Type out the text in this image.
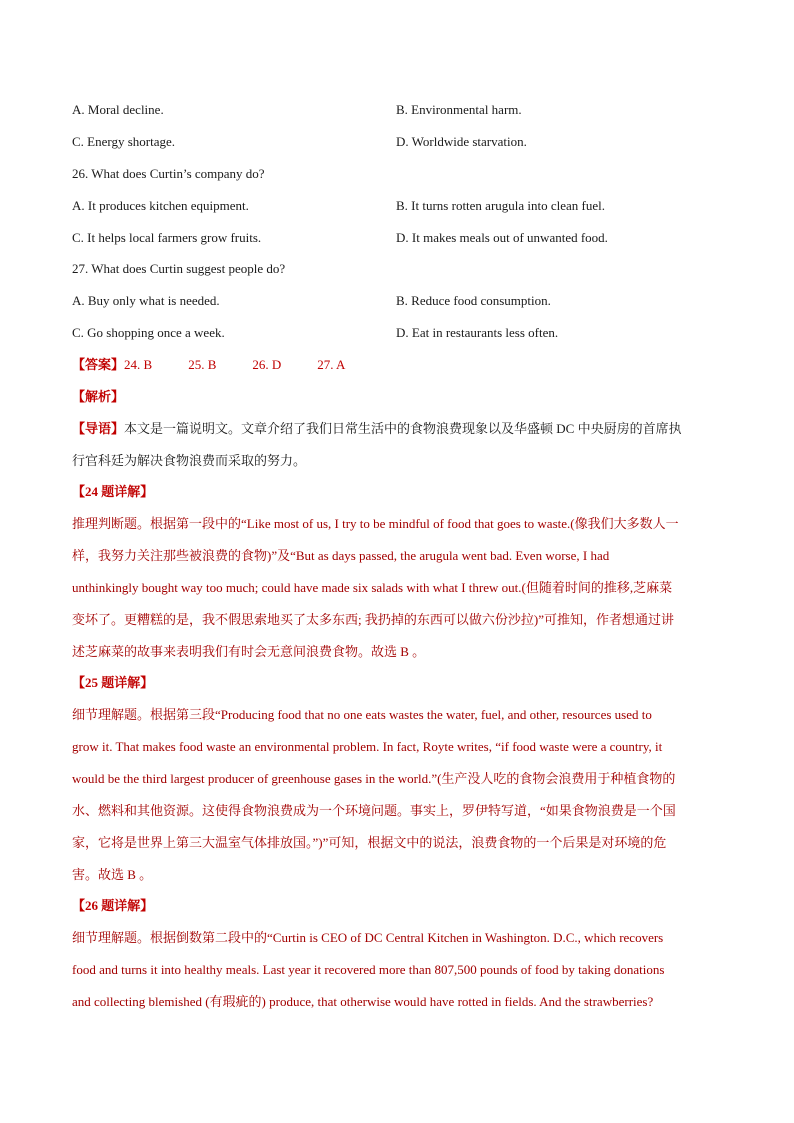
A. Moral decline.	B. Environmental harm.
C. Energy shortage.	D. Worldwide starvation.
26. What does Curtin’s company do?
A. It produces kitchen equipment.	B. It turns rotten arugula into clean fuel.
C. It helps local farmers grow fruits.	D. It makes meals out of unwanted food.
27. What does Curtin suggest people do?
A. Buy only what is needed.	B. Reduce food consumption.
C. Go shopping once a week.	D. Eat in restaurants less often.
【答案】24. B	25. B	26. D	27. A
【解析】
【导语】本文是一篇说明文。文章介绍了我们日常生活中的食物浪费现象以及华盛顿 DC 中央厨房的首席执
行官科廷为解决食物浪费而采取的努力。
【24 题详解】
推理判断题。根据第一段中的“Like most of us, I try to be mindful of food that goes to waste.(像我们大多数人一
样，我努力关注那些被浪费的食物)”及“But as days passed, the arugula went bad. Even worse, I had
unthinkingly bought way too much; could have made six salads with what I threw out.(但随着时间的推移,芝麻菜
变坏了。更糟糕的是，我不假思索地买了太多东西; 我扔掉的东西可以做六份沙拉)”可推知，作者想通过讲
述芝麻菜的故事来表明我们有时会无意间浪费食物。故选 B 。
【25 题详解】
细节理解题。根据第三段“Producing food that no one eats wastes the water, fuel, and other, resources used to
grow it. That makes food waste an environmental problem. In fact, Royte writes, “if food waste were a country, it
would be the third largest producer of greenhouse gases in the world.”(生产没人吃的食物会浪费用于种植食物的
水、燃料和其他资源。这使得食物浪费成为一个环境问题。事实上，罗伊特写道，“如果食物浪费是一个国
家，它将是世界上第三大温室气体排放国。”)”可知，根据文中的说法，浪费食物的一个后果是对环境的危
害。故选 B 。
【26 题详解】
细节理解题。根据倒数第二段中的“Curtin is CEO of DC Central Kitchen in Washington. D.C., which recovers
food and turns it into healthy meals. Last year it recovered more than 807,500 pounds of food by taking donations
and collecting blemished (有瑕疵的) produce, that otherwise would have rotted in fields. And the strawberries?
